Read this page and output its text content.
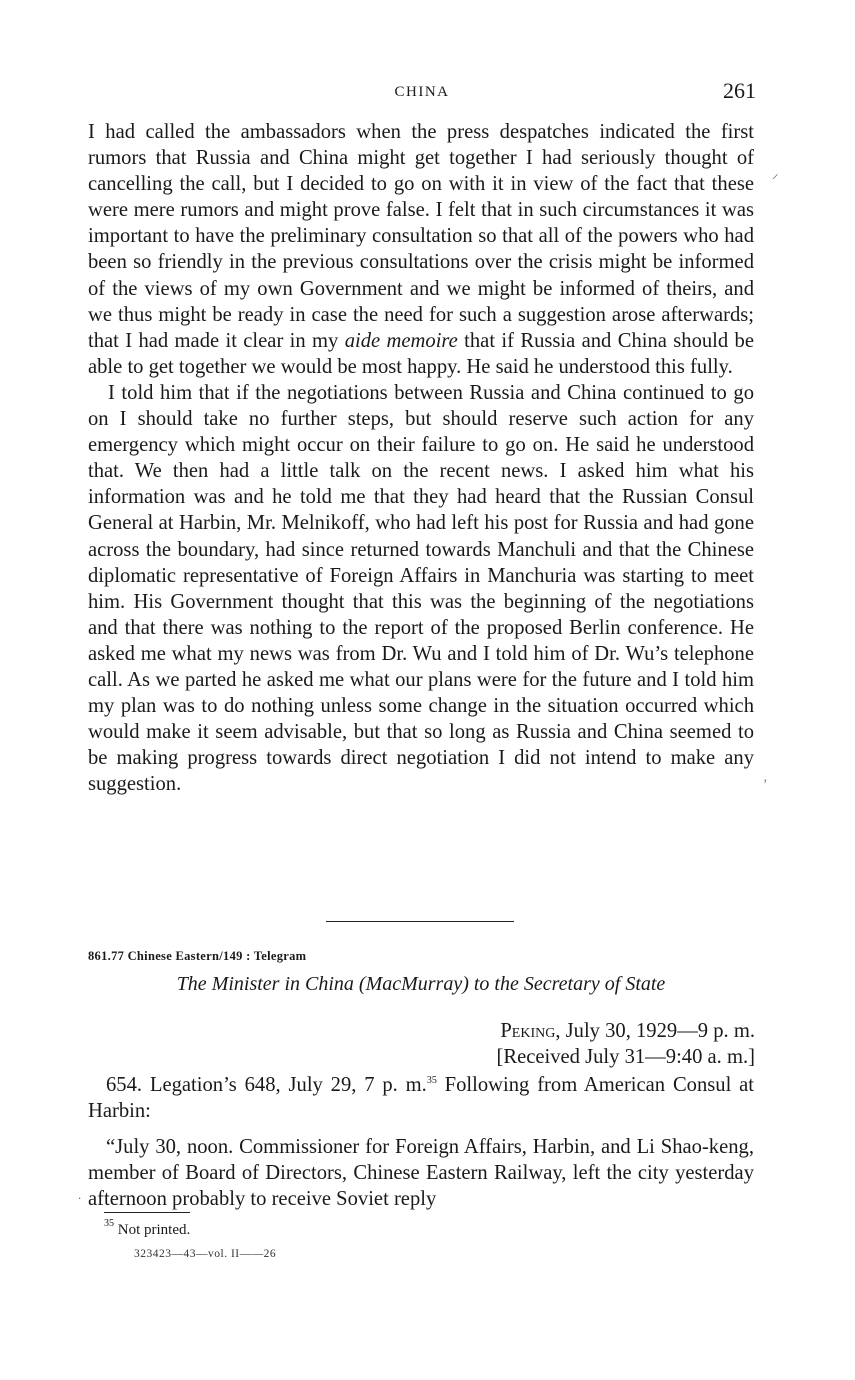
CHINA	261
⸝
ʼ
.

I had called the ambassadors when the press despatches indicated the first rumors that Russia and China might get together I had seriously thought of cancelling the call, but I decided to go on with it in view of the fact that these were mere rumors and might prove false. I felt that in such circumstances it was important to have the preliminary consultation so that all of the powers who had been so friendly in the previous consultations over the crisis might be informed of the views of my own Government and we might be informed of theirs, and we thus might be ready in case the need for such a suggestion arose afterwards; that I had made it clear in my aide memoire that if Russia and China should be able to get together we would be most happy. He said he understood this fully.

I told him that if the negotiations between Russia and China continued to go on I should take no further steps, but should reserve such action for any emergency which might occur on their failure to go on. He said he understood that. We then had a little talk on the recent news. I asked him what his information was and he told me that they had heard that the Russian Consul General at Harbin, Mr. Melnikoff, who had left his post for Russia and had gone across the boundary, had since returned towards Manchuli and that the Chinese diplomatic representative of Foreign Affairs in Manchuria was starting to meet him. His Government thought that this was the beginning of the negotiations and that there was nothing to the report of the proposed Berlin conference. He asked me what my news was from Dr. Wu and I told him of Dr. Wu’s telephone call. As we parted he asked me what our plans were for the future and I told him my plan was to do nothing unless some change in the situation occurred which would make it seem advisable, but that so long as Russia and China seemed to be making progress towards direct negotiation I did not intend to make any suggestion.

861.77 Chinese Eastern/149 : Telegram
The Minister in China (MacMurray) to the Secretary of State
Peking, July 30, 1929—9 p. m.
[Received July 31—9:40 a. m.]

654. Legation’s 648, July 29, 7 p. m.$^{35}$ Following from American Consul at Harbin:

“July 30, noon. Commissioner for Foreign Affairs, Harbin, and Li Shao-keng, member of Board of Directors, Chinese Eastern Railway, left the city yesterday afternoon probably to receive Soviet reply

$^{35}$ Not printed.
323423—43—vol. II——26
